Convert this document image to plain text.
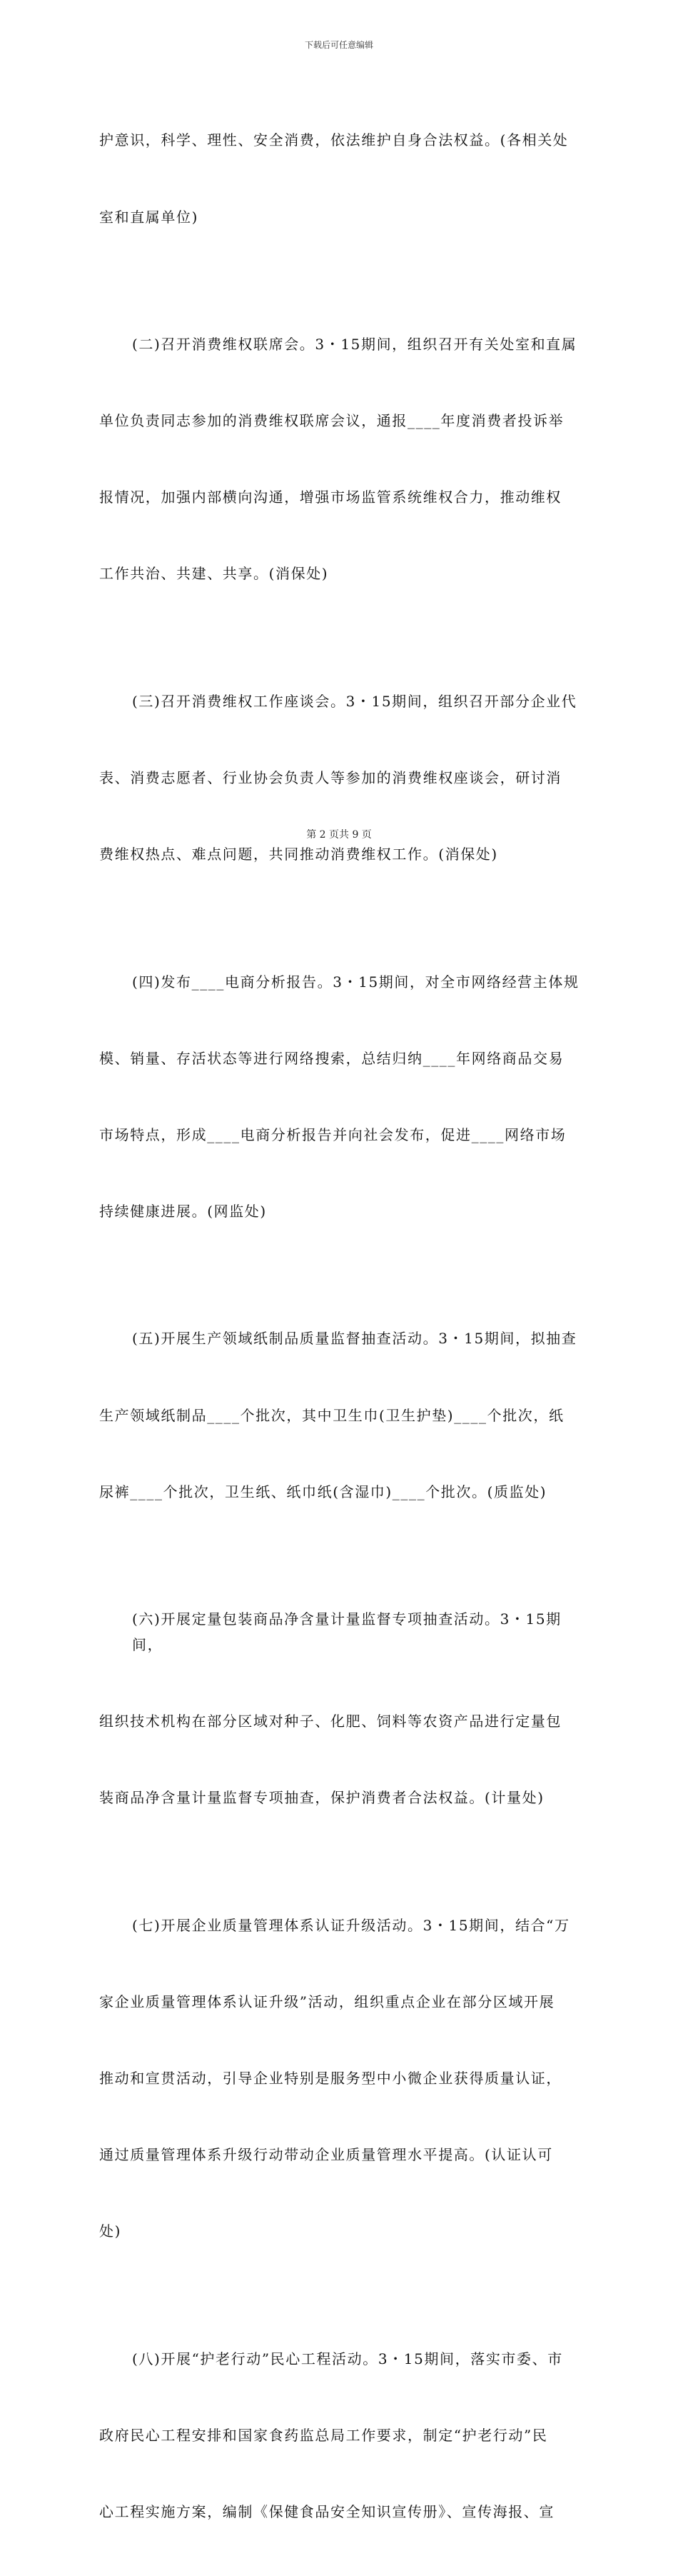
下载后可任意编辑

护意识，科学、理性、安全消费，依法维护自身合法权益。(各相关处

室和直属单位)

(二)召开消费维权联席会。3・15期间，组织召开有关处室和直属

单位负责同志参加的消费维权联席会议，通报____年度消费者投诉举

报情况，加强内部横向沟通，增强市场监管系统维权合力，推动维权

工作共治、共建、共享。(消保处)

(三)召开消费维权工作座谈会。3・15期间，组织召开部分企业代

表、消费志愿者、行业协会负责人等参加的消费维权座谈会，研讨消

费维权热点、难点问题，共同推动消费维权工作。(消保处)

(四)发布____电商分析报告。3・15期间，对全市网络经营主体规

模、销量、存活状态等进行网络搜索，总结归纳____年网络商品交易

市场特点，形成____电商分析报告并向社会发布，促进____网络市场

持续健康进展。(网监处)

(五)开展生产领域纸制品质量监督抽查活动。3・15期间，拟抽查

生产领域纸制品____个批次，其中卫生巾(卫生护垫)____个批次，纸

尿裤____个批次，卫生纸、纸巾纸(含湿巾)____个批次。(质监处)

(六)开展定量包装商品净含量计量监督专项抽查活动。3・15期间，

组织技术机构在部分区域对种子、化肥、饲料等农资产品进行定量包

装商品净含量计量监督专项抽查，保护消费者合法权益。(计量处)

(七)开展企业质量管理体系认证升级活动。3・15期间，结合“万

家企业质量管理体系认证升级”活动，组织重点企业在部分区域开展

推动和宣贯活动，引导企业特别是服务型中小微企业获得质量认证，

通过质量管理体系升级行动带动企业质量管理水平提高。(认证认可

处)

(八)开展“护老行动”民心工程活动。3・15期间，落实市委、市

政府民心工程安排和国家食药监总局工作要求，制定“护老行动”民

心工程实施方案，编制《保健食品安全知识宣传册》、宣传海报、宣

第 2 页共 9 页
